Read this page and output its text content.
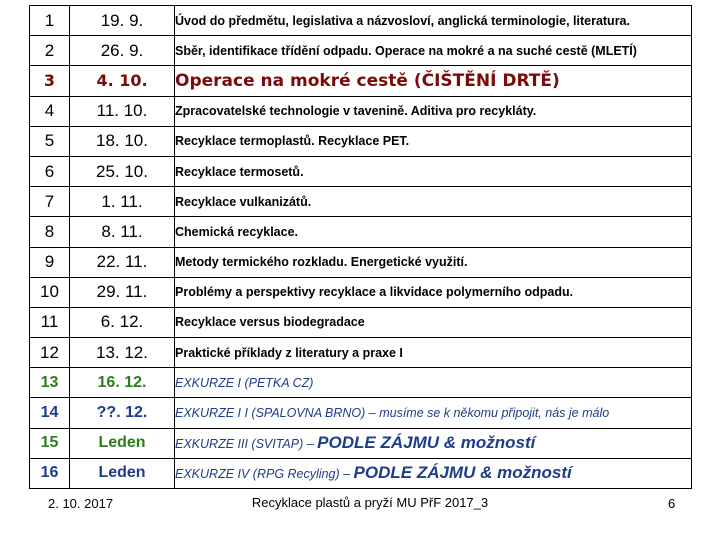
1	19. 9.	Úvod do předmětu, legislativa a názvosloví, anglická terminologie, literatura.
2	26. 9.	Sběr, identifikace třídění odpadu. Operace na mokré a na suché cestě (MLETÍ)
3	4. 10.	Operace na mokré cestě (ČIŠTĚNÍ DRTĚ)
4	11. 10.	Zpracovatelské technologie v tavenině. Aditiva pro recykláty.
5	18. 10.	Recyklace termoplastů. Recyklace PET.
6	25. 10.	Recyklace termosetů.
7	1. 11.	Recyklace vulkanizátů.
8	8. 11.	Chemická recyklace.
9	22. 11.	Metody termického rozkladu. Energetické využití.
10	29. 11.	Problémy a perspektivy recyklace a likvidace polymerního odpadu.
11	6. 12.	Recyklace versus biodegradace
12	13. 12.	Praktické příklady z literatury a praxe I
13	16. 12.	EXKURZE I (PETKA CZ)
14	??. 12.	EXKURZE I I (SPALOVNA BRNO) – musíme se k někomu připojit, nás je málo
15	Leden	EXKURZE III (SVITAP) – PODLE ZÁJMU & možností
16	Leden	EXKURZE IV (RPG Recyling) – PODLE ZÁJMU & možností
2. 10. 2017	Recyklace plastů a pryží MU PřF 2017_3	6
